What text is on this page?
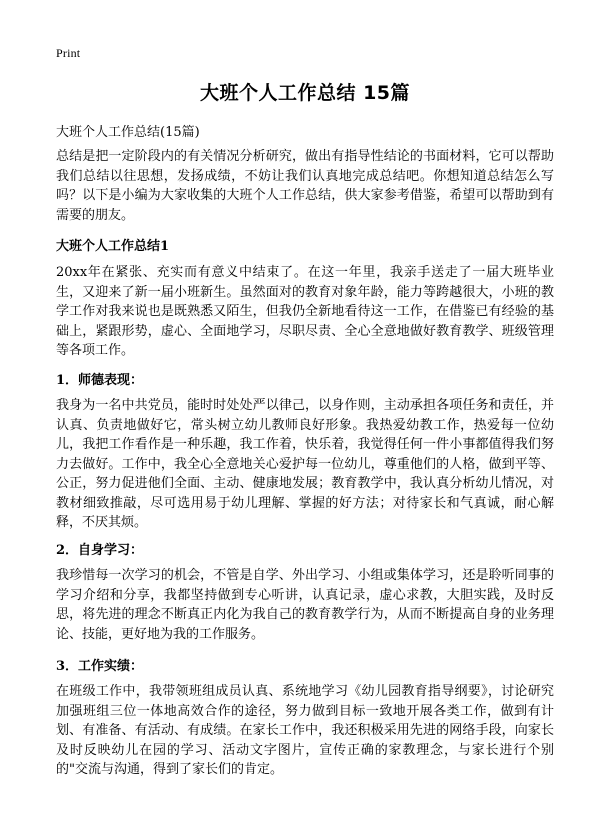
Print
大班个人工作总结 15篇
大班个人工作总结(15篇)

总结是把一定阶段内的有关情况分析研究，做出有指导性结论的书面材料，它可以帮助我们总结以往思想，发扬成绩，不妨让我们认真地完成总结吧。你想知道总结怎么写吗？以下是小编为大家收集的大班个人工作总结，供大家参考借鉴，希望可以帮助到有需要的朋友。

大班个人工作总结1

20xx年在紧张、充实而有意义中结束了。在这一年里，我亲手送走了一届大班毕业生，又迎来了新一届小班新生。虽然面对的教育对象年龄，能力等跨越很大，小班的教学工作对我来说也是既熟悉又陌生，但我仍全新地看待这一工作，在借鉴已有经验的基础上，紧跟形势，虚心、全面地学习，尽职尽责、全心全意地做好教育教学、班级管理等各项工作。

1．师德表现：

我身为一名中共党员，能时时处处严以律己，以身作则，主动承担各项任务和责任，并认真、负责地做好它，常头树立幼儿教师良好形象。我热爱幼教工作，热爱每一位幼儿，我把工作看作是一种乐趣，我工作着，快乐着，我觉得任何一件小事都值得我们努力去做好。工作中，我全心全意地关心爱护每一位幼儿，尊重他们的人格，做到平等、公正，努力促进他们全面、主动、健康地发展；教育教学中，我认真分析幼儿情况，对教材细致推敲，尽可选用易于幼儿理解、掌握的好方法；对待家长和气真诚，耐心解释，不厌其烦。

2．自身学习：

我珍惜每一次学习的机会，不管是自学、外出学习、小组或集体学习，还是聆听同事的学习介绍和分享，我都坚持做到专心听讲，认真记录，虚心求教，大胆实践，及时反思，将先进的理念不断真正内化为我自己的教育教学行为，从而不断提高自身的业务理论、技能，更好地为我的工作服务。

3．工作实绩：

在班级工作中，我带领班组成员认真、系统地学习《幼儿园教育指导纲要》，讨论研究加强班组三位一体地高效合作的途径，努力做到目标一致地开展各类工作，做到有计划、有准备、有活动、有成绩。在家长工作中，我还积极采用先进的网络手段，向家长及时反映幼儿在园的学习、活动文字图片，宣传正确的家教理念，与家长进行个别的"交流与沟通，得到了家长们的肯定。
